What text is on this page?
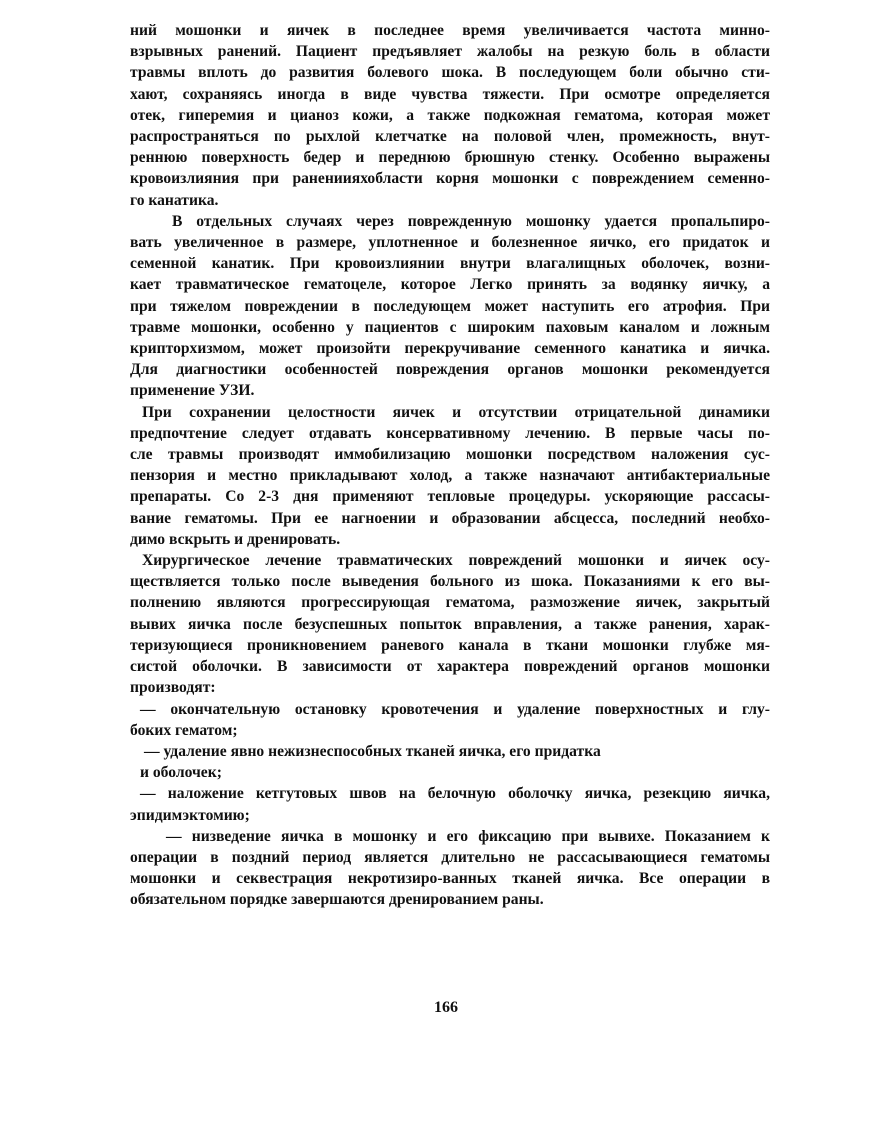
ний мошонки и яичек в последнее время увеличивается частота минно-
взрывных ранений. Пациент предъявляет жалобы на резкую боль в области
травмы вплоть до развития болевого шока. В последующем боли обычно сти-
хают, сохраняясь иногда в виде чувства тяжести. При осмотре определяется
отек, гиперемия и цианоз кожи, а также подкожная гематома, которая может
распространяться по рыхлой клетчатке на половой член, промежность, внут-
реннюю поверхность бедер и переднюю брюшную стенку. Особенно выражены
кровоизлияния при ранениияхобласти корня мошонки с повреждением семенно-
го канатика.
В отдельных случаях через поврежденную мошонку удается пропальпиро-
вать увеличенное в размере, уплотненное и болезненное яичко, его придаток и
семенной канатик. При кровоизлиянии внутри влагалищных оболочек, возни-
кает травматическое гематоцеле, которое Легко принять за водянку яичку, а
при тяжелом повреждении в последующем может наступить его атрофия. При
травме мошонки, особенно у пациентов с широким паховым каналом и ложным
крипторхизмом, может произойти перекручивание семенного канатика и яичка.
Для диагностики особенностей повреждения органов мошонки рекомендуется
применение УЗИ.
При сохранении целостности яичек и отсутствии отрицательной динамики
предпочтение следует отдавать консервативному лечению. В первые часы по-
сле травмы производят иммобилизацию мошонки посредством наложения сус-
пензория и местно прикладывают холод, а также назначают антибактериальные
препараты. Со 2-3 дня применяют тепловые процедуры. ускоряющие рассасы-
вание гематомы. При ее нагноении и образовании абсцесса, последний необхо-
димо вскрыть и дренировать.
Хирургическое лечение травматических повреждений мошонки и яичек осу-
ществляется только после выведения больного из шока. Показаниями к его вы-
полнению являются прогрессирующая гематома, размозжение яичек, закрытый
вывих яичка после безуспешных попыток вправления, а также ранения, харак-
теризующиеся проникновением раневого канала в ткани мошонки глубже мя-
систой оболочки. В зависимости от характера повреждений органов мошонки
производят:
— окончательную остановку кровотечения и удаление поверхностных и глу-
боких гематом;
— удаление явно нежизнеспособных тканей яичка, его придатка
и оболочек;
— наложение кетгутовых швов на белочную оболочку яичка, резекцию яичка,
эпидимэктомию;
— низведение яичка в мошонку и его фиксацию при вывихе. Показанием к
операции в поздний период является длительно не рассасывающиеся гематомы
мошонки и секвестрация некротизиро-ванных тканей яичка. Все операции в
обязательном порядке завершаются дренированием раны.
166
